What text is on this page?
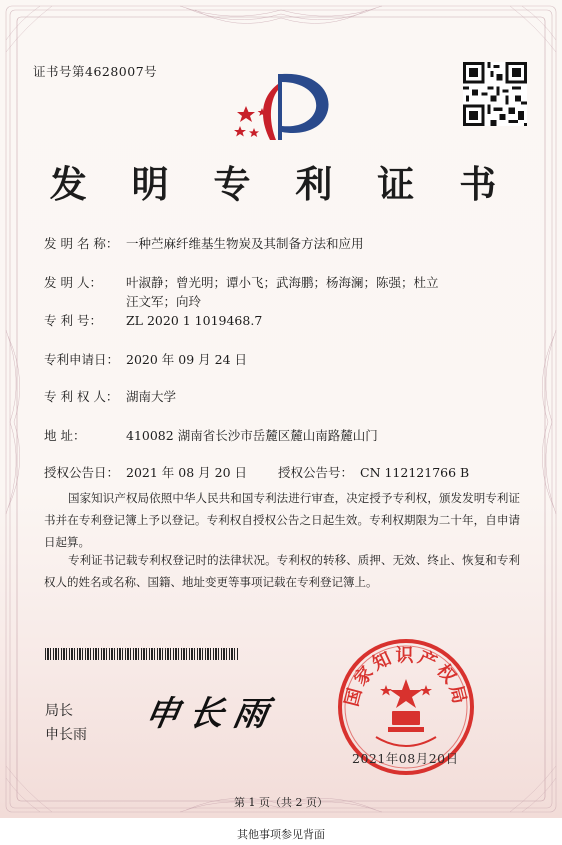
证书号第4628007号
发 明 专 利 证 书
发 明 名 称： 一种苎麻纤维基生物炭及其制备方法和应用
发 明 人： 叶淑静；曾光明；谭小飞；武海鹏；杨海澜；陈强；杜立
汪文军；向玲
专 利 号： ZL 2020 1 1019468.7
专利申请日： 2020 年 09 月 24 日
专 利 权 人： 湖南大学
地 址：	410082 湖南省长沙市岳麓区麓山南路麓山门
授权公告日： 2021 年 08 月 20 日 授权公告号： CN 112121766 B
国家知识产权局依照中华人民共和国专利法进行审查，决定授予专利权，颁发发明专利证书并在专利登记簿上予以登记。专利权自授权公告之日起生效。专利权期限为二十年，自申请日起算。
专利证书记载专利权登记时的法律状况。专利权的转移、质押、无效、终止、恢复和专利权人的姓名或名称、国籍、地址变更等事项记载在专利登记簿上。
局长
申长雨
申长雨	国家知识产权局
2021年08月20日
第 1 页（共 2 页）
其他事项参见背面
